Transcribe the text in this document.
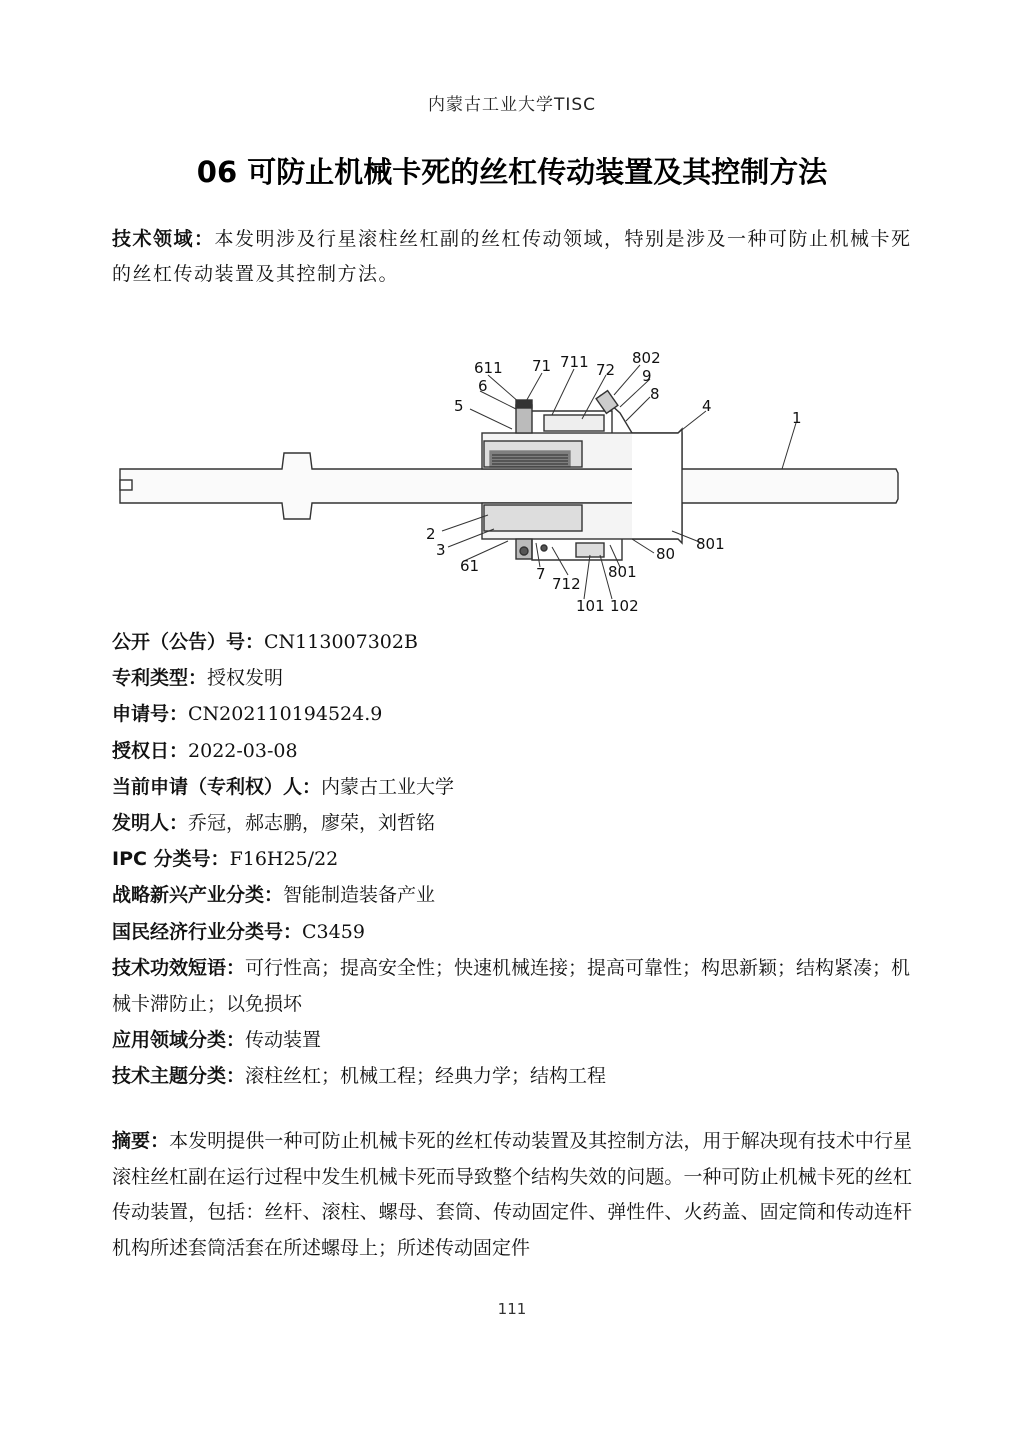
内蒙古工业大学TISC
06 可防止机械卡死的丝杠传动装置及其控制方法
技术领域：本发明涉及行星滚柱丝杠副的丝杠传动领域，特别是涉及一种可防止机械卡死的丝杠传动装置及其控制方法。
611
6
71 711 72
802
9
8
5	4
1
2
3
61	7
712
101 102
801
80
801
公开（公告）号：CN113007302B
专利类型：授权发明
申请号：CN202110194524.9
授权日：2022-03-08
当前申请（专利权）人：内蒙古工业大学
发明人：乔冠，郝志鹏，廖荣，刘哲铭
IPC 分类号：F16H25/22
战略新兴产业分类：智能制造装备产业
国民经济行业分类号：C3459
技术功效短语：可行性高；提高安全性；快速机械连接；提高可靠性；构思新颖；结构紧凑；机械卡滞防止；以免损坏
应用领域分类：传动装置
技术主题分类：滚柱丝杠；机械工程；经典力学；结构工程
摘要：本发明提供一种可防止机械卡死的丝杠传动装置及其控制方法，用于解决现有技术中行星滚柱丝杠副在运行过程中发生机械卡死而导致整个结构失效的问题。一种可防止机械卡死的丝杠传动装置，包括：丝杆、滚柱、螺母、套筒、传动固定件、弹性件、火药盖、固定筒和传动连杆机构所述套筒活套在所述螺母上；所述传动固定件
111
